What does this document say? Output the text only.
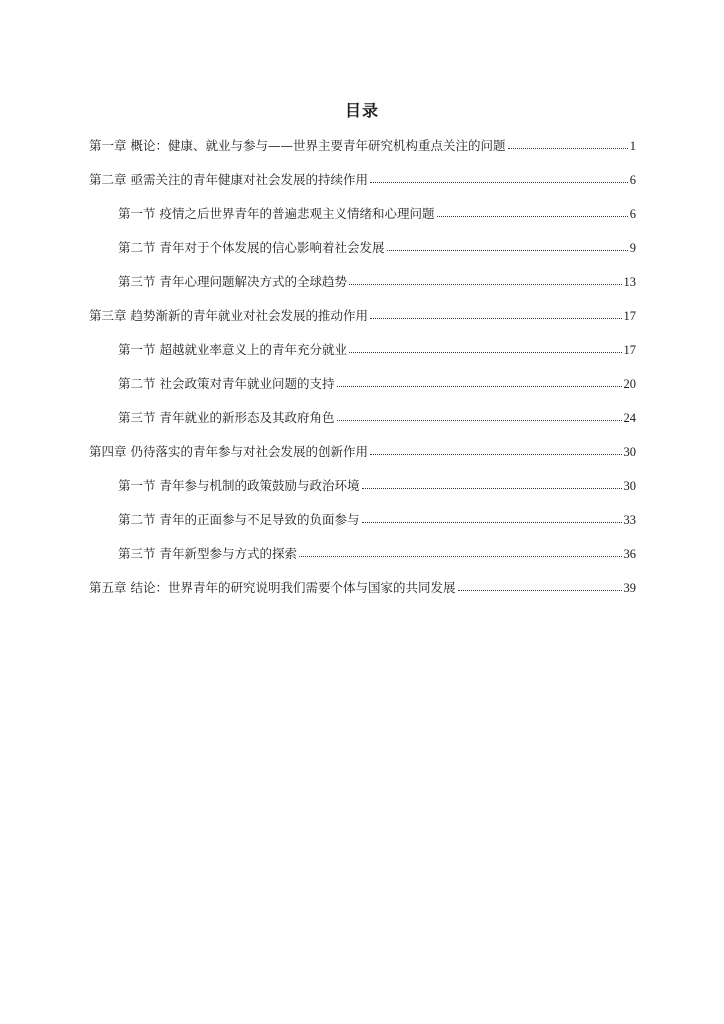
目录
第一章 概论：健康、就业与参与——世界主要青年研究机构重点关注的问题	1
第二章 亟需关注的青年健康对社会发展的持续作用	6
第一节 疫情之后世界青年的普遍悲观主义情绪和心理问题	6
第二节 青年对于个体发展的信心影响着社会发展	9
第三节 青年心理问题解决方式的全球趋势	13
第三章 趋势渐新的青年就业对社会发展的推动作用	17
第一节 超越就业率意义上的青年充分就业	17
第二节 社会政策对青年就业问题的支持	20
第三节 青年就业的新形态及其政府角色	24
第四章 仍待落实的青年参与对社会发展的创新作用	30
第一节 青年参与机制的政策鼓励与政治环境	30
第二节 青年的正面参与不足导致的负面参与	33
第三节 青年新型参与方式的探索	36
第五章 结论：世界青年的研究说明我们需要个体与国家的共同发展	39
